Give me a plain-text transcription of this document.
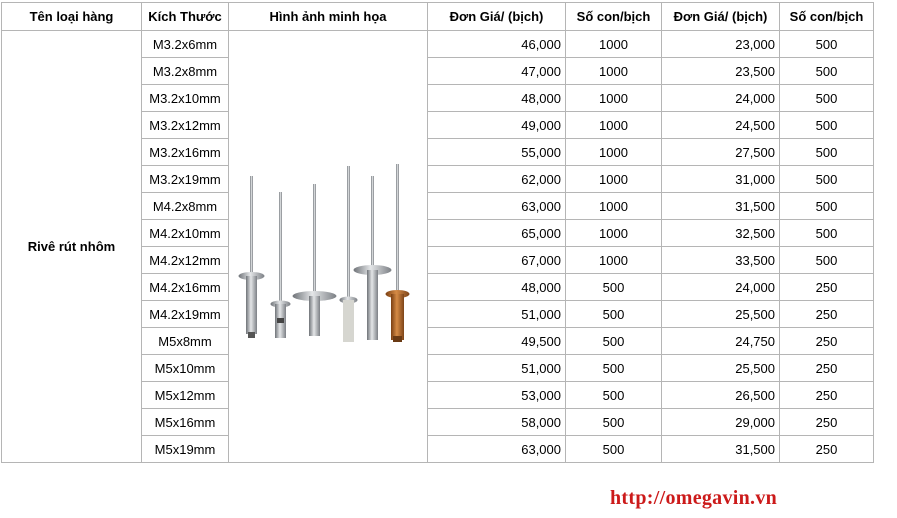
Tên loại hàng	Kích Thước	Hình ảnh minh họa	Đơn Giá/ (bịch)	Số con/bịch	Đơn Giá/ (bịch)	Số con/bịch
Rivê rút nhôm	M3.2x6mm		46,000	1000	23,000	500
	M3.2x8mm		47,000	1000	23,500	500
	M3.2x10mm		48,000	1000	24,000	500
	M3.2x12mm		49,000	1000	24,500	500
	M3.2x16mm		55,000	1000	27,500	500
	M3.2x19mm		62,000	1000	31,000	500
	M4.2x8mm		63,000	1000	31,500	500
	M4.2x10mm		65,000	1000	32,500	500
	M4.2x12mm		67,000	1000	33,500	500
	M4.2x16mm		48,000	500	24,000	250
	M4.2x19mm		51,000	500	25,500	250
	M5x8mm		49,500	500	24,750	250
	M5x10mm		51,000	500	25,500	250
	M5x12mm		53,000	500	26,500	250
	M5x16mm		58,000	500	29,000	250
	M5x19mm		63,000	500	31,500	250
http://omegavin.vn
